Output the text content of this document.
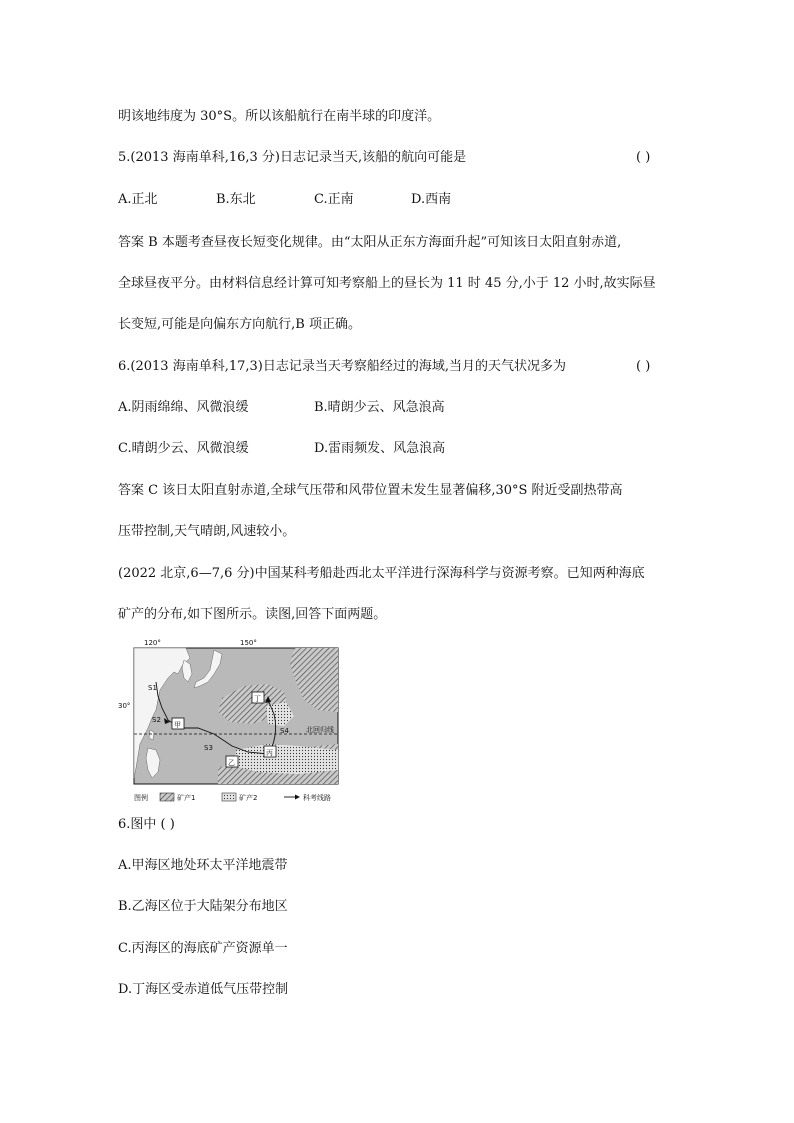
明该地纬度为 30°S。所以该船航行在南半球的印度洋。
5.(2013 海南单科,16,3 分)日志记录当天,该船的航向可能是	( )
A.正北	B.东北	C.正南	D.西南
答案 B 本题考查昼夜长短变化规律。由“太阳从正东方海面升起”可知该日太阳直射赤道,
全球昼夜平分。由材料信息经计算可知考察船上的昼长为 11 时 45 分,小于 12 小时,故实际昼
长变短,可能是向偏东方向航行,B 项正确。
6.(2013 海南单科,17,3)日志记录当天考察船经过的海域,当月的天气状况多为	( )
A.阴雨绵绵、风微浪缓	B.晴朗少云、风急浪高
C.晴朗少云、风微浪缓	D.雷雨频发、风急浪高
答案 C 该日太阳直射赤道,全球气压带和风带位置未发生显著偏移,30°S 附近受副热带高
压带控制,天气晴朗,风速较小。
(2022 北京,6—7,6 分)中国某科考船赴西北太平洋进行深海科学与资源考察。已知两种海底
矿产的分布,如下图所示。读图,回答下面两题。
120°	150°
30°
北回归线
S1
S2
S3
S4
甲
乙
丙
丁
图例	矿产1	矿产2	科考线路
6.图中 ( )
A.甲海区地处环太平洋地震带
B.乙海区位于大陆架分布地区
C.丙海区的海底矿产资源单一
D.丁海区受赤道低气压带控制
